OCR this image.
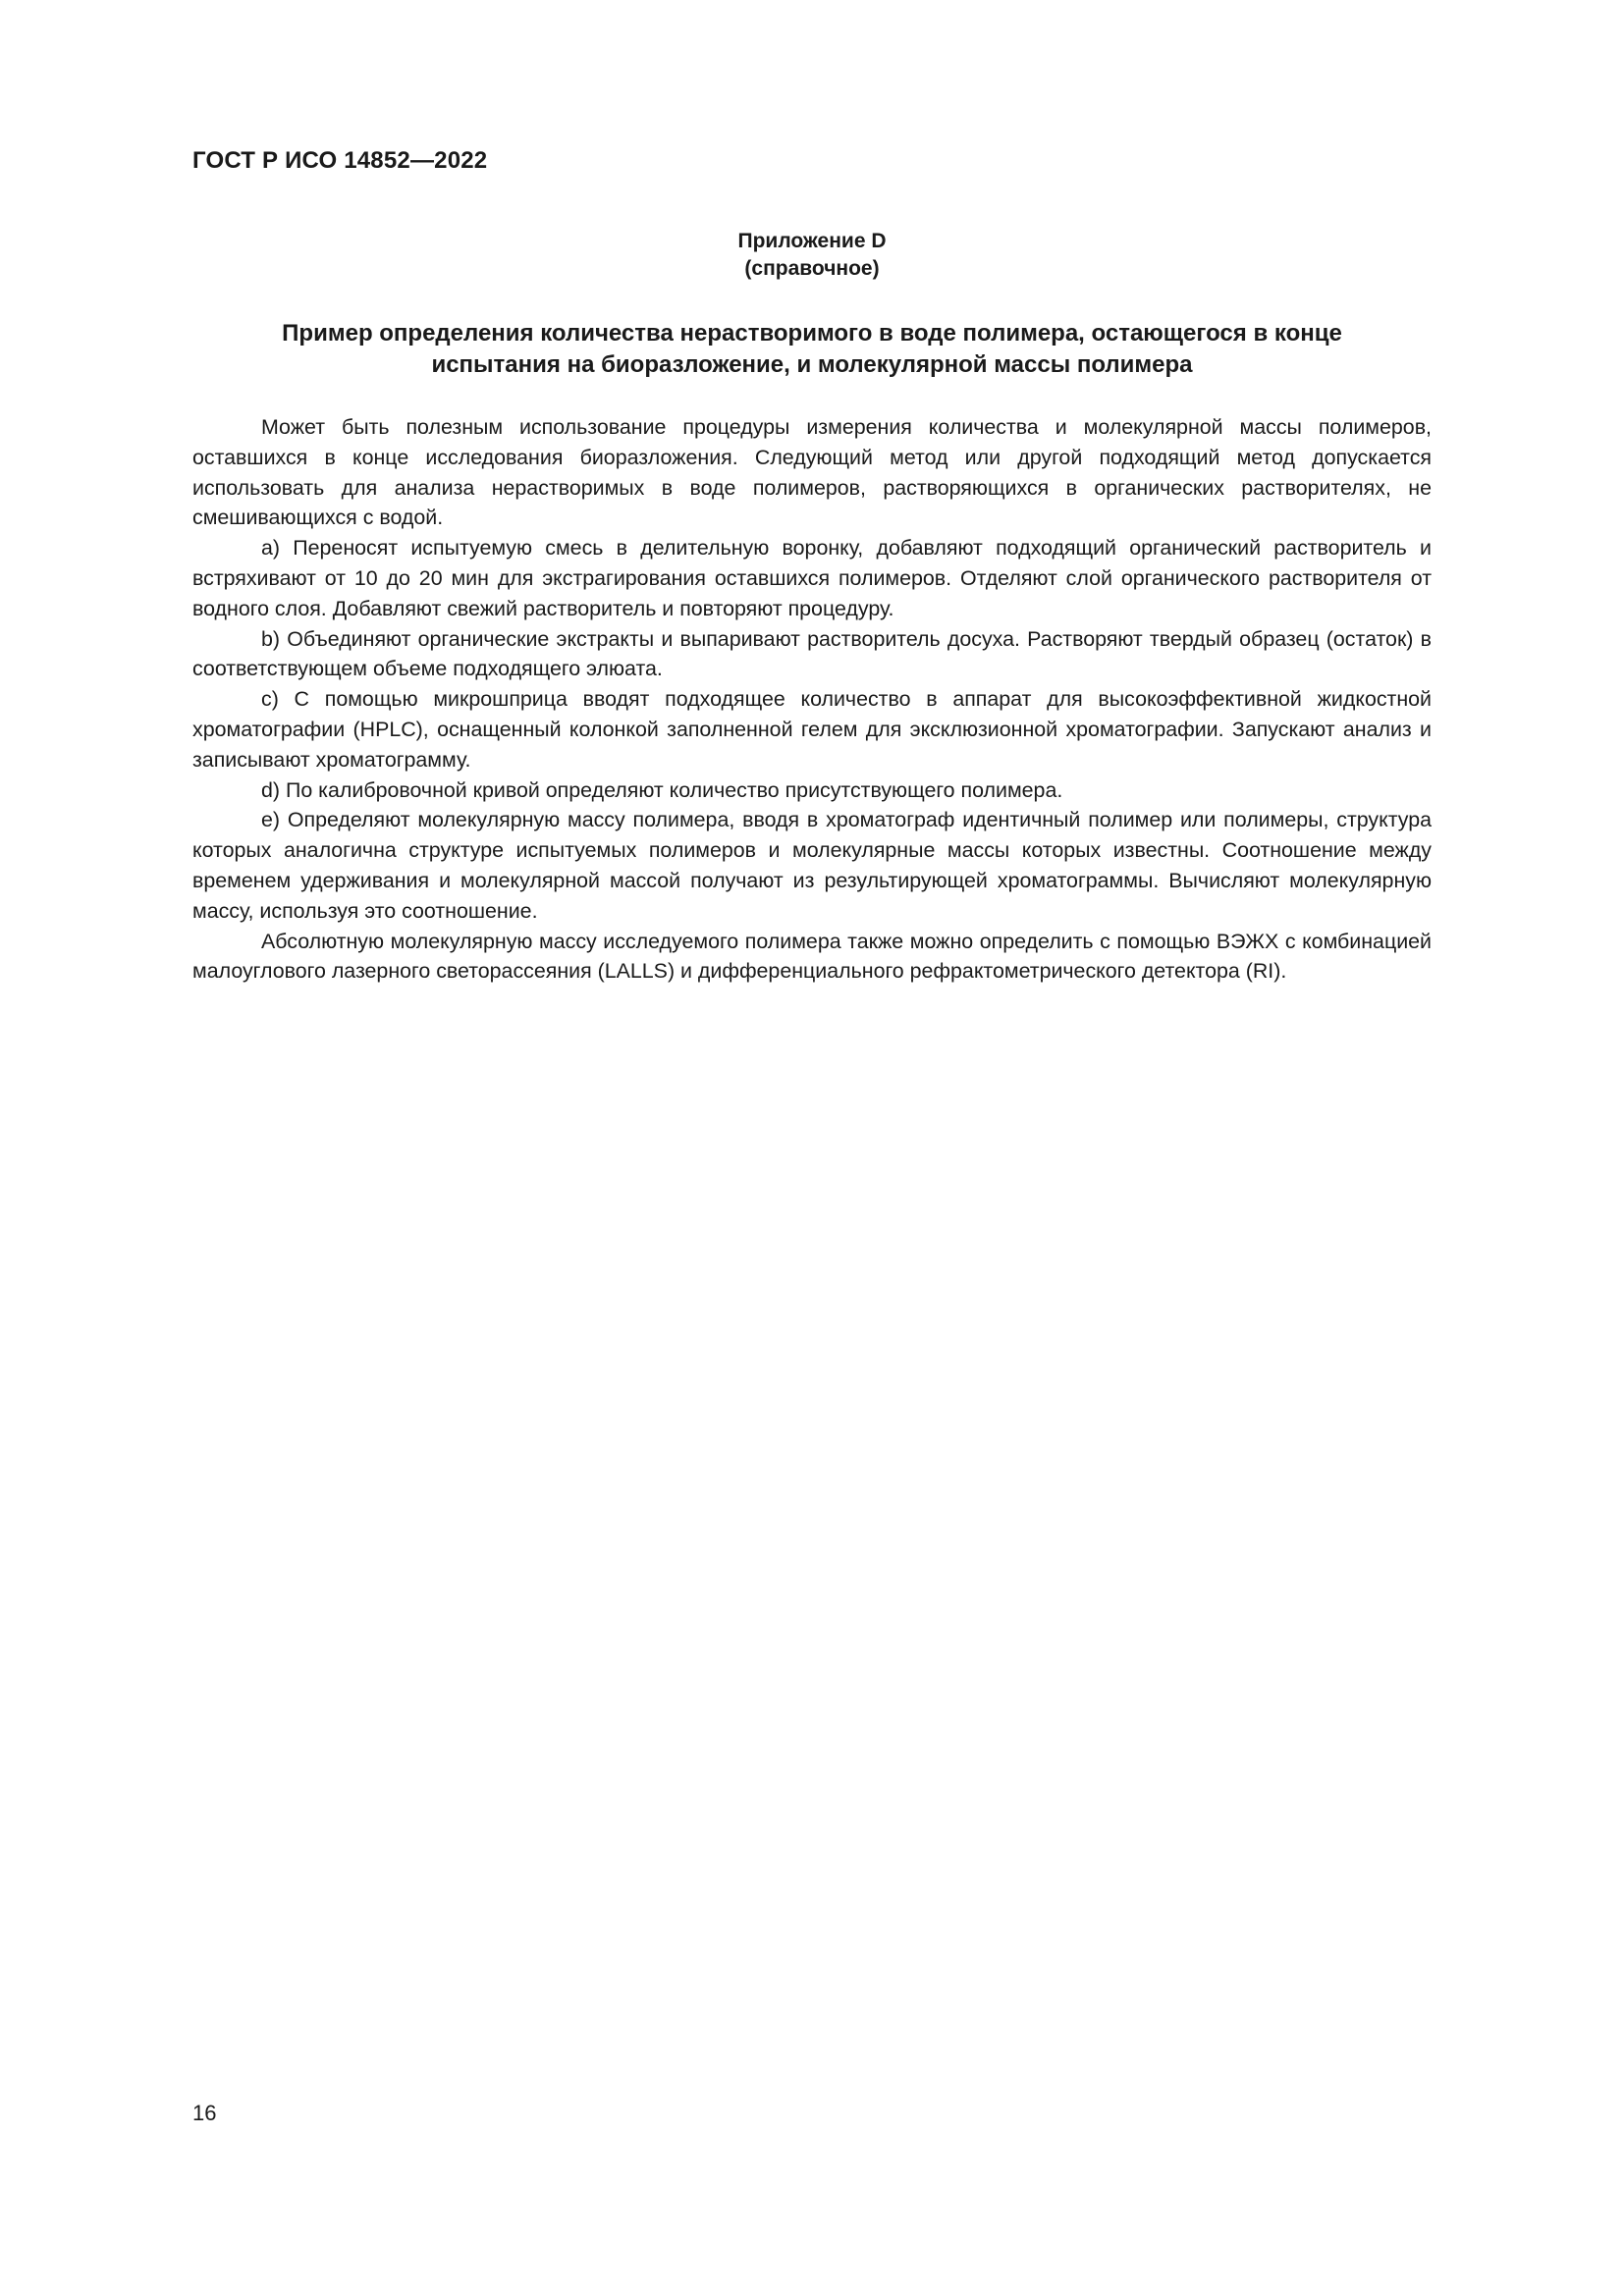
ГОСТ Р ИСО 14852—2022
Приложение D
(справочное)
Пример определения количества нерастворимого в воде полимера, остающегося в конце
испытания на биоразложение, и молекулярной массы полимера

Может быть полезным использование процедуры измерения количества и молекулярной массы полимеров, оставшихся в конце исследования биоразложения. Следующий метод или другой подходящий метод допускается использовать для анализа нерастворимых в воде полимеров, растворяющихся в органических растворителях, не смешивающихся с водой.

a) Переносят испытуемую смесь в делительную воронку, добавляют подходящий органический растворитель и встряхивают от 10 до 20 мин для экстрагирования оставшихся полимеров. Отделяют слой органического растворителя от водного слоя. Добавляют свежий растворитель и повторяют процедуру.

b) Объединяют органические экстракты и выпаривают растворитель досуха. Растворяют твердый образец (остаток) в соответствующем объеме подходящего элюата.

c) С помощью микрошприца вводят подходящее количество в аппарат для высокоэффективной жидкостной хроматографии (HPLC), оснащенный колонкой заполненной гелем для эксклюзионной хроматографии. Запускают анализ и записывают хроматограмму.

d) По калибровочной кривой определяют количество присутствующего полимера.

e) Определяют молекулярную массу полимера, вводя в хроматограф идентичный полимер или полимеры, структура которых аналогична структуре испытуемых полимеров и молекулярные массы которых известны. Соотношение между временем удерживания и молекулярной массой получают из результирующей хроматограммы. Вычисляют молекулярную массу, используя это соотношение.

Абсолютную молекулярную массу исследуемого полимера также можно определить с помощью ВЭЖХ с комбинацией малоуглового лазерного светорассеяния (LALLS) и дифференциального рефрактометрического детектора (RI).

16
